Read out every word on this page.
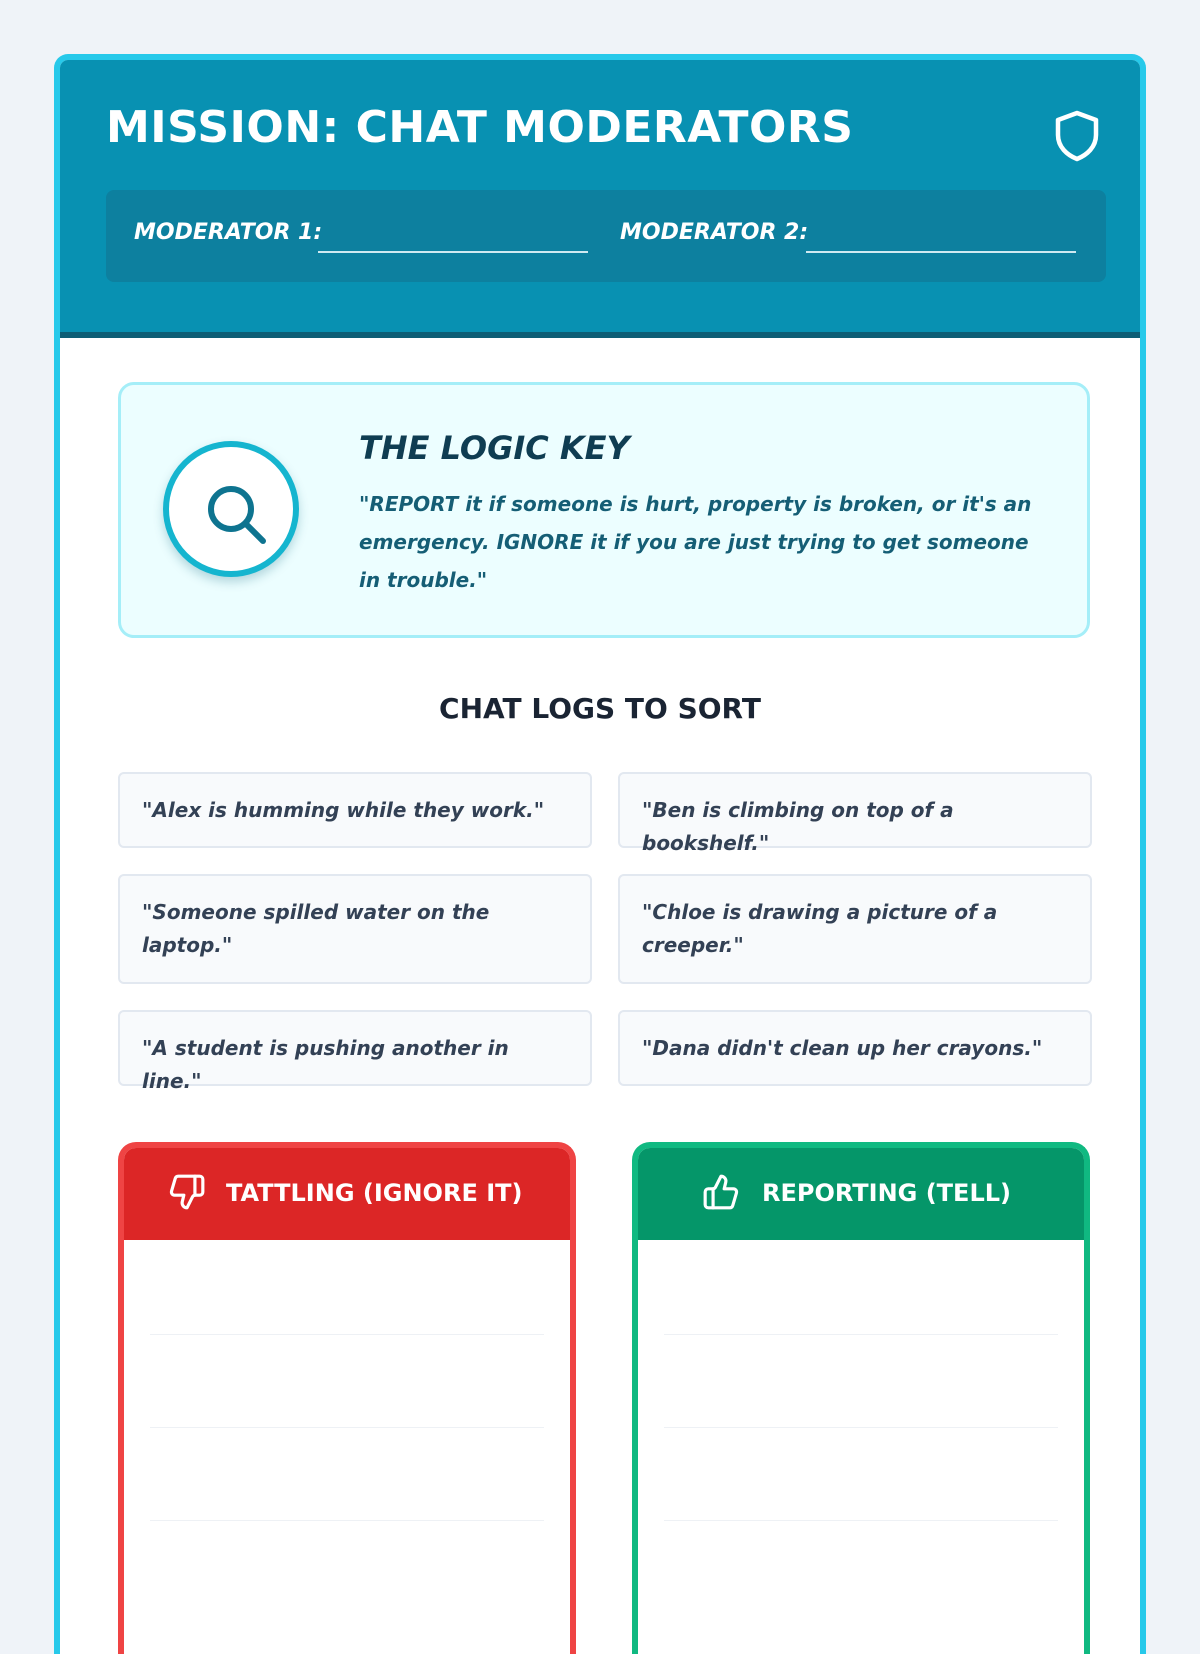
MISSION: CHAT MODERATORS
MODERATOR 1:	MODERATOR 2:
THE LOGIC KEY

"REPORT it if someone is hurt, property is broken, or it's an emergency. IGNORE it if you are just trying to get someone in trouble."

CHAT LOGS TO SORT
"Alex is humming while they work."	"Ben is climbing on top of a bookshelf."
"Someone spilled water on the laptop."
"Chloe is drawing a picture of a creeper."
"A student is pushing another in line."
"Dana didn't clean up her crayons."
TATTLING (IGNORE IT)	REPORTING (TELL)
